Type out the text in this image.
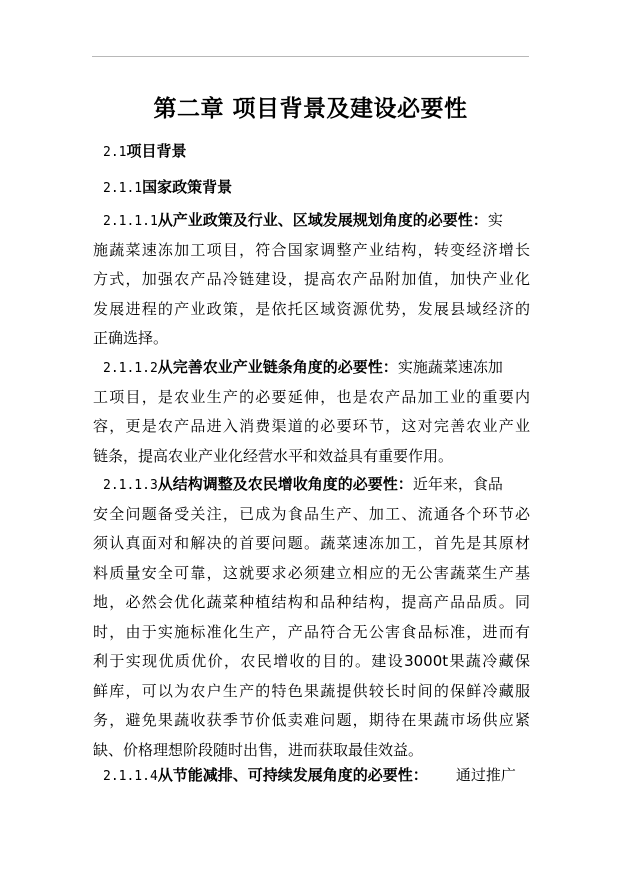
第二章 项目背景及建设必要性
2.1项目背景
2.1.1国家政策背景
2.1.1.1从产业政策及行业、区域发展规划角度的必要性：实
施蔬菜速冻加工项目，符合国家调整产业结构，转变经济增长
方式，加强农产品冷链建设，提高农产品附加值，加快产业化
发展进程的产业政策，是依托区域资源优势，发展县域经济的
正确选择。
2.1.1.2从完善农业产业链条角度的必要性：实施蔬菜速冻加
工项目，是农业生产的必要延伸，也是农产品加工业的重要内
容，更是农产品进入消费渠道的必要环节，这对完善农业产业
链条，提高农业产业化经营水平和效益具有重要作用。
2.1.1.3从结构调整及农民增收角度的必要性：近年来，食品
安全问题备受关注，已成为食品生产、加工、流通各个环节必
须认真面对和解决的首要问题。蔬菜速冻加工，首先是其原材
料质量安全可靠，这就要求必须建立相应的无公害蔬菜生产基
地，必然会优化蔬菜种植结构和品种结构，提高产品品质。同
时，由于实施标准化生产，产品符合无公害食品标准，进而有
利于实现优质优价，农民增收的目的。建设3000t果蔬冷藏保
鲜库，可以为农户生产的特色果蔬提供较长时间的保鲜冷藏服
务，避免果蔬收获季节价低卖难问题，期待在果蔬市场供应紧
缺、价格理想阶段随时出售，进而获取最佳效益。
2.1.1.4从节能减排、可持续发展角度的必要性： 通过推广
